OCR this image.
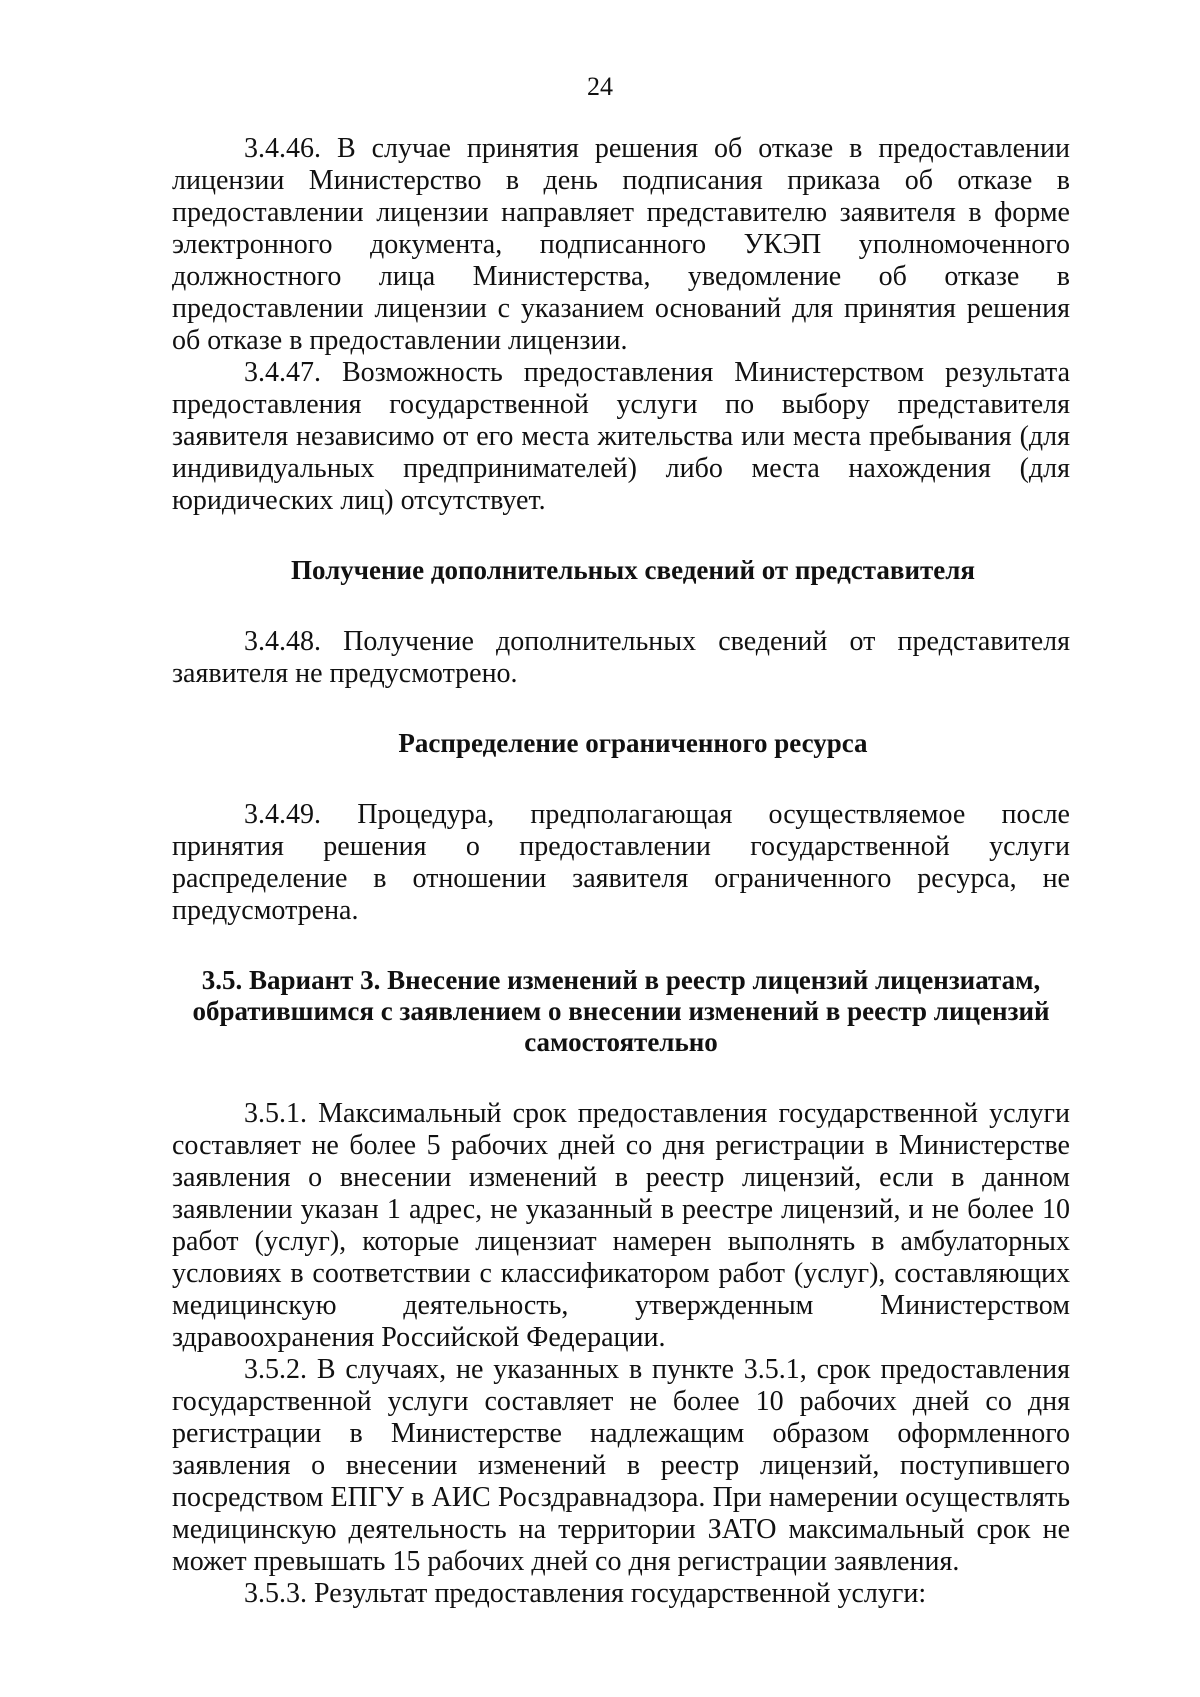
24

3.4.46. В случае принятия решения об отказе в предоставлении лицензии Министерство в день подписания приказа об отказе в предоставлении лицензии направляет представителю заявителя в форме электронного документа, подписанного УКЭП уполномоченного должностного лица Министерства, уведомление об отказе в предоставлении лицензии с указанием оснований для принятия решения об отказе в предоставлении лицензии.

3.4.47. Возможность предоставления Министерством результата предоставления государственной услуги по выбору представителя заявителя независимо от его места жительства или места пребывания (для индивидуальных предпринимателей) либо места нахождения (для юридических лиц) отсутствует.

Получение дополнительных сведений от представителя

3.4.48. Получение дополнительных сведений от представителя заявителя не предусмотрено.

Распределение ограниченного ресурса

3.4.49. Процедура, предполагающая осуществляемое после принятия решения о предоставлении государственной услуги распределение в отношении заявителя ограниченного ресурса, не предусмотрена.

3.5. Вариант 3. Внесение изменений в реестр лицензий лицензиатам, обратившимся с заявлением о внесении изменений в реестр лицензий самостоятельно

3.5.1. Максимальный срок предоставления государственной услуги составляет не более 5 рабочих дней со дня регистрации в Министерстве заявления о внесении изменений в реестр лицензий, если в данном заявлении указан 1 адрес, не указанный в реестре лицензий, и не более 10 работ (услуг), которые лицензиат намерен выполнять в амбулаторных условиях в соответствии с классификатором работ (услуг), составляющих медицинскую деятельность, утвержденным Министерством здравоохранения Российской Федерации.

3.5.2. В случаях, не указанных в пункте 3.5.1, срок предоставления государственной услуги составляет не более 10 рабочих дней со дня регистрации в Министерстве надлежащим образом оформленного заявления о внесении изменений в реестр лицензий, поступившего посредством ЕПГУ в АИС Росздравнадзора. При намерении осуществлять медицинскую деятельность на территории ЗАТО максимальный срок не может превышать 15 рабочих дней со дня регистрации заявления.

3.5.3. Результат предоставления государственной услуги:
